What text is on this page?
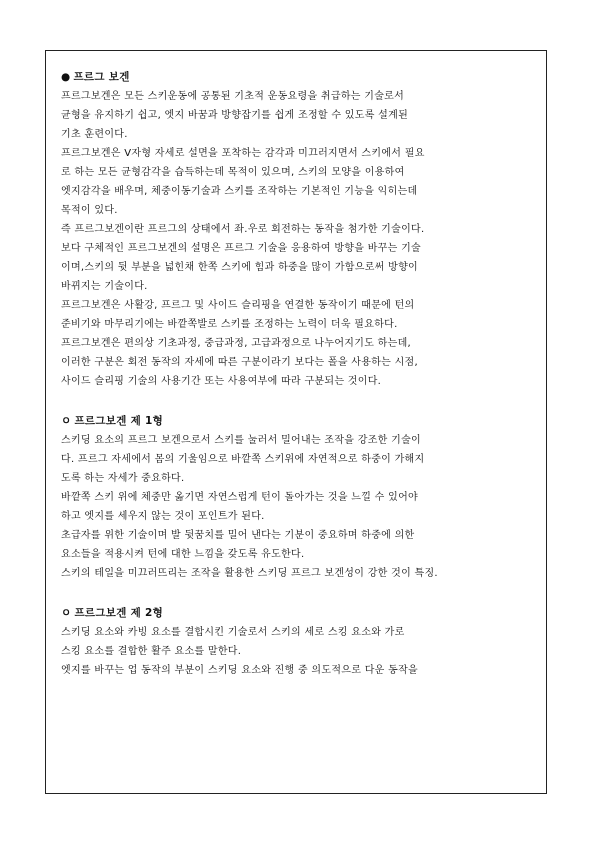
● 프르그 보겐

프르그보겐은 모든 스키운동에 공통된 기초적 운동요령을 취급하는 기술로서
균형을 유지하기 쉽고, 엣지 바꿈과 방향잡기를 쉽게 조정할 수 있도록 설계된
기초 훈련이다.

프르그보겐은 V자형 자세로 설면을 포착하는 감각과 미끄러지면서 스키에서 필요
로 하는 모든 균형감각을 습득하는데 목적이 있으며, 스키의 모양을 이용하여
엣지감각을 배우며, 체중이동기술과 스키를 조작하는 기본적인 기능을 익히는데
목적이 있다.

즉 프르그보겐이란 프르그의 상태에서 좌.우로 회전하는 동작을 첨가한 기술이다.

보다 구체적인 프르그보겐의 설명은 프르그 기술을 응용하여 방향을 바꾸는 기술
이며,스키의 뒷 부분을 넓힌채 한쪽 스키에 힘과 하중을 많이 가함으로써 방향이
바뀌지는 기술이다.

프르그보겐은 사활강, 프르그 및 사이드 슬리핑을 연결한 동작이기 때문에 턴의
준비기와 마무리기에는 바깥쪽발로 스키를 조정하는 노력이 더욱 필요하다.

프르그보겐은 편의상 기초과정, 중급과정, 고급과정으로 나누어지기도 하는데,
이러한 구분은 회전 동작의 자세에 따른 구분이라기 보다는 폴을 사용하는 시점,
사이드 슬리핑 기술의 사용기간 또는 사용여부에 따라 구분되는 것이다.

ㅇ 프르그보겐 제 1형

스키딩 요소의 프르그 보겐으로서 스키를 눌러서 밀어내는 조작을 강조한 기술이
다. 프르그 자세에서 몸의 기울임으로 바깥쪽 스키위에 자연적으로 하중이 가해지
도록 하는 자세가 중요하다.

바깥쪽 스키 위에 체중만 옮기면 자연스럽게 턴이 돌아가는 것을 느낄 수 있어야
하고 엣지를 세우지 않는 것이 포인트가 된다.

초급자를 위한 기술이며 발 뒷꿈치를 밀어 낸다는 기분이 중요하며 하중에 의한
요소들을 적용시켜 턴에 대한 느낌을 갖도록 유도한다.

스키의 테일을 미끄러뜨리는 조작을 활용한 스키딩 프르그 보겐성이 강한 것이 특징.

ㅇ 프르그보겐 제 2형

스키딩 요소와 카빙 요소를 결합시킨 기술로서 스키의 세로 스킹 요소와 가로
스킹 요소를 결합한 활주 요소를 말한다.

엣지를 바꾸는 업 동작의 부분이 스키딩 요소와 진행 중 의도적으로 다운 동작을
